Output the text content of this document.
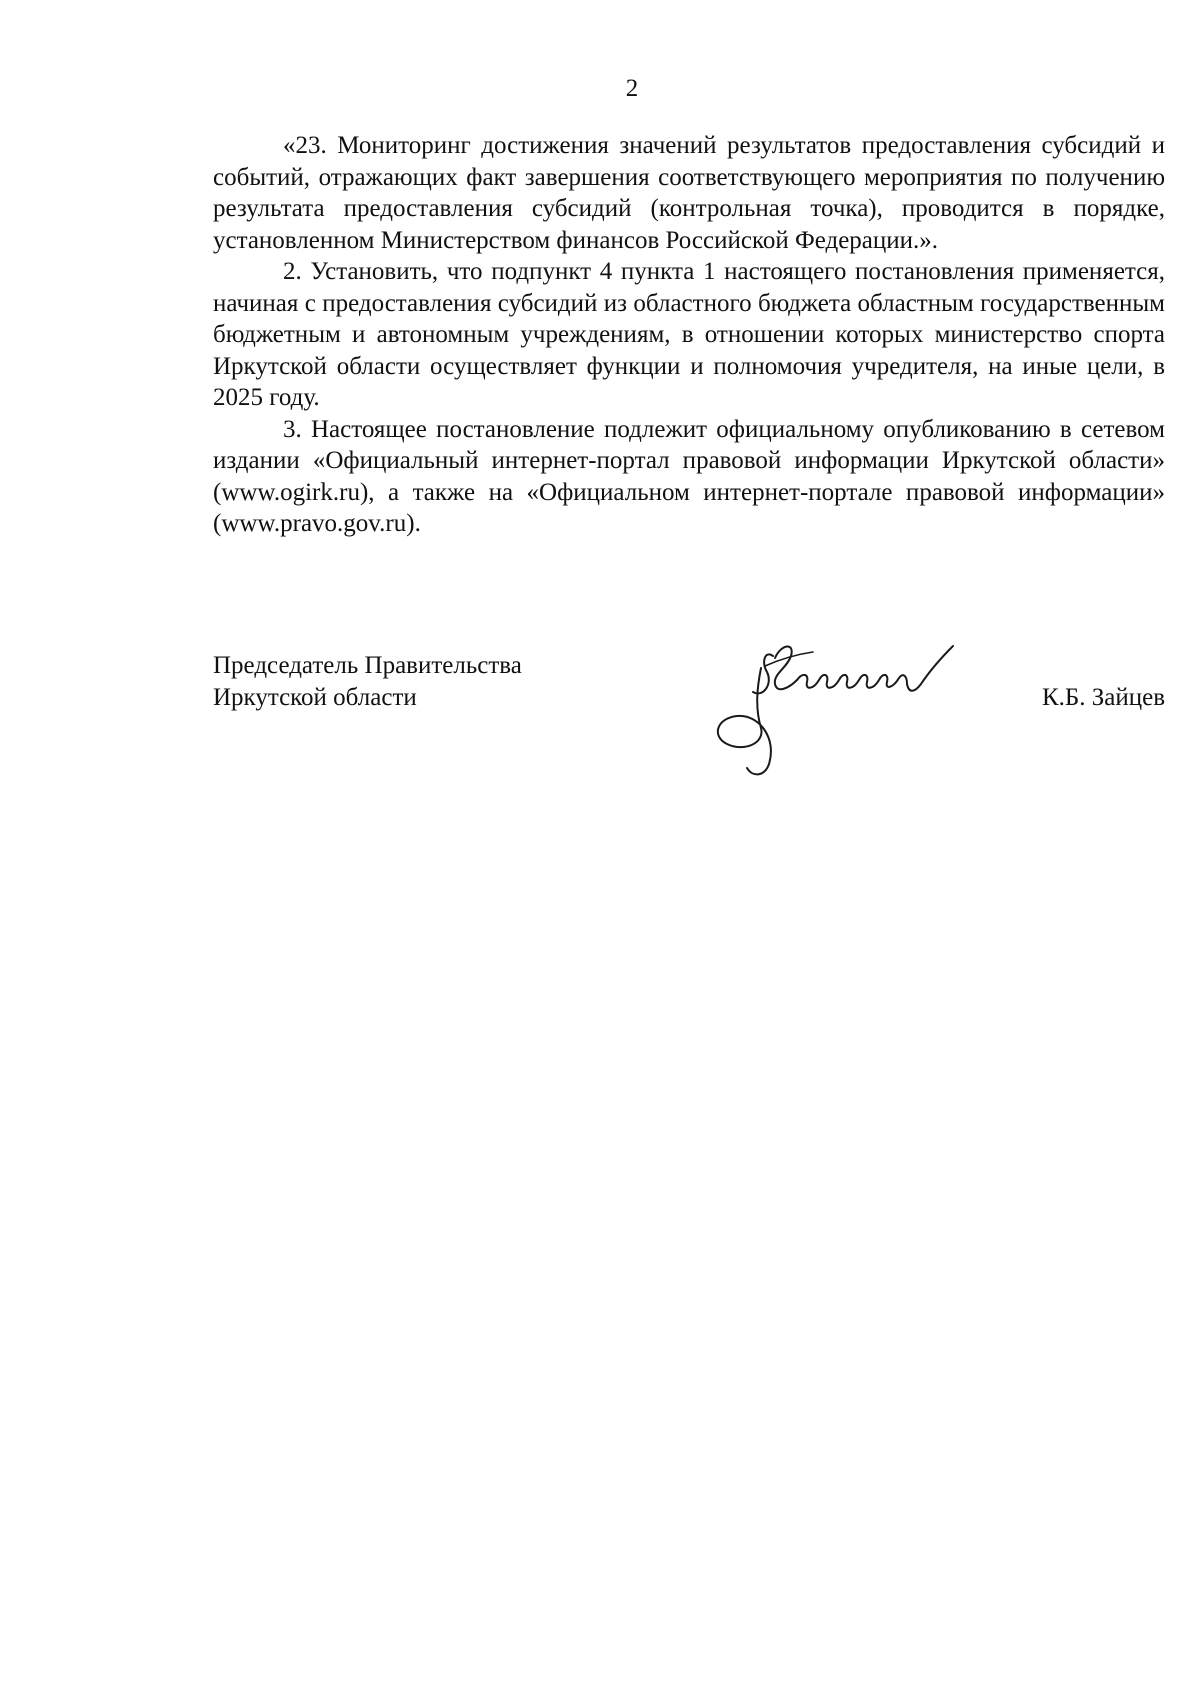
2

«23. Мониторинг достижения значений результатов предоставления субсидий и событий, отражающих факт завершения соответствующего мероприятия по получению результата предоставления субсидий (контрольная точка), проводится в порядке, установленном Министерством финансов Российской Федерации.».

2. Установить, что подпункт 4 пункта 1 настоящего постановления применяется, начиная с предоставления субсидий из областного бюджета областным государственным бюджетным и автономным учреждениям, в отношении которых министерство спорта Иркутской области осуществляет функции и полномочия учредителя, на иные цели, в 2025 году.

3. Настоящее постановление подлежит официальному опубликованию в сетевом издании «Официальный интернет-портал правовой информации Иркутской области» (www.ogirk.ru), а также на «Официальном интернет-портале правовой информации» (www.pravo.gov.ru).

Председатель Правительства
Иркутской области	К.Б. Зайцев
